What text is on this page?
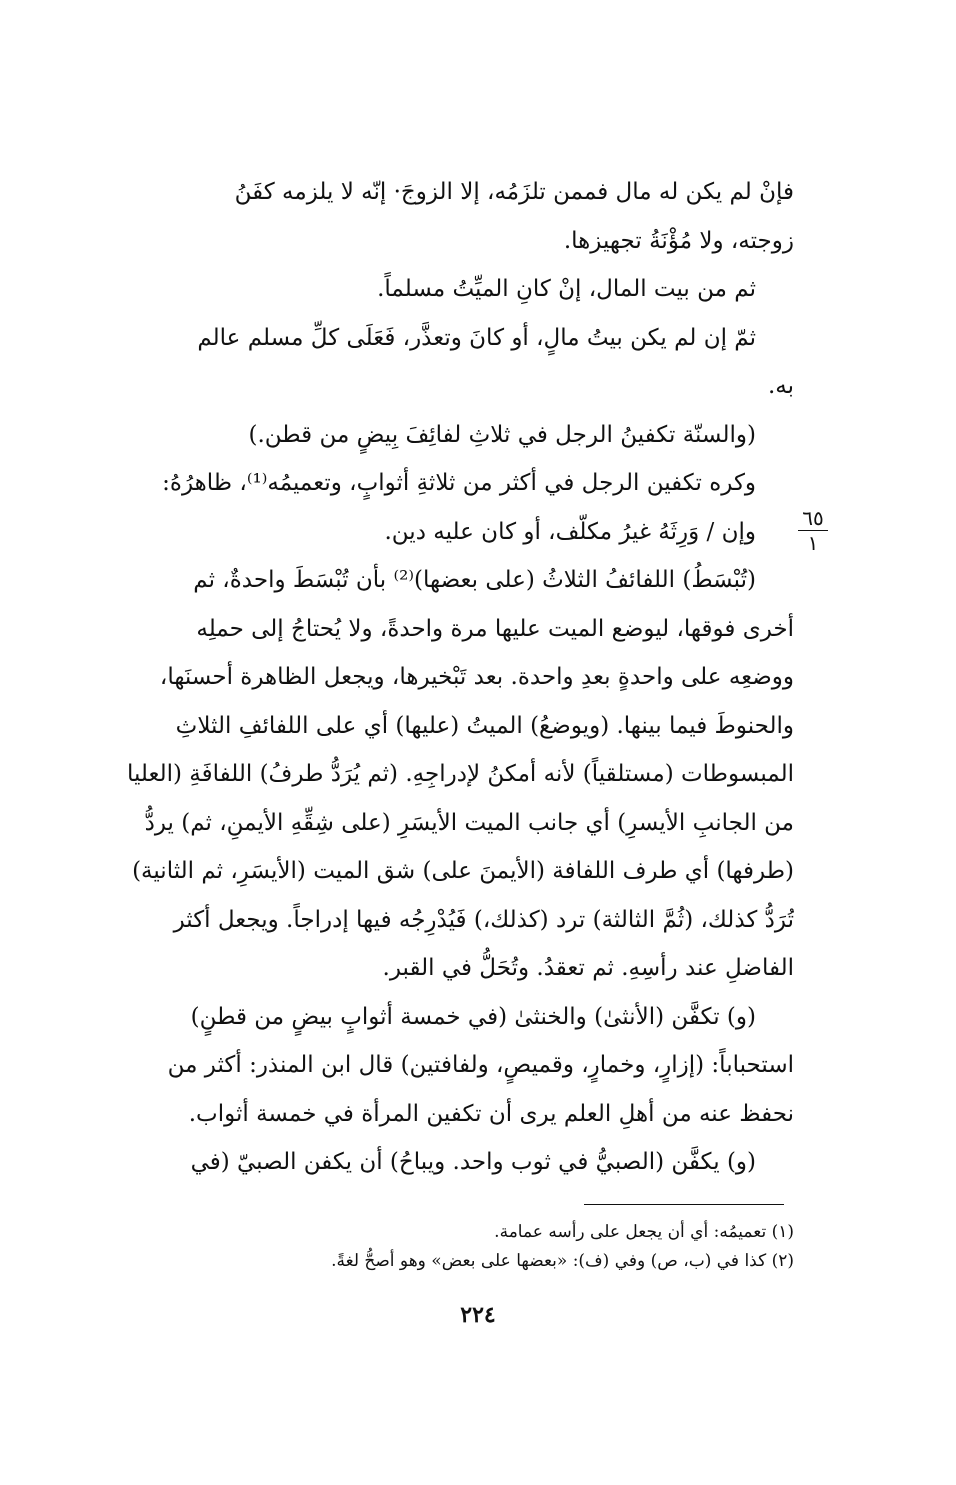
فإنْ لم يكن له مال فممن تلزَمُه، إلا الزوجَ· إنّه لا يلزمه كفَنُ
زوجته، ولا مُؤْنَةُ تجهيزها.
ثم من بيت المال، إنْ كانِ الميِّتُ مسلماً.
ثمّ إن لم يكن بيتُ مالٍ، أو كانَ وتعذَّر، فَعَلَى كلِّ مسلم عالم
به.
(والسنّة تكفينُ الرجل في ثلاثِ لفائِفَ بِيضٍ من قطن.)
وكره تكفين الرجل في أكثر من ثلاثةِ أثوابٍ، وتعميمُه⁽¹⁾، ظاهرُهُ:
وإن / وَرِثَهُ غيرُ مكلّف، أو كان عليه دين.
(تُبْسَطُ) اللفائفُ الثلاثُ (على بعضها)⁽²⁾ بأن تُبْسَطَ واحدةٌ، ثم
أخرى فوقها، ليوضع الميت عليها مرة واحدةً، ولا يُحتاجُ إلى حملِه
ووضعِه على واحدةٍ بعدِ واحدة. بعد تَبْخيرها، ويجعل الظاهرة أحسنَها،
والحنوطَ فيما بينها. (ويوضعُ) الميتُ (عليها) أي على اللفائفِ الثلاثِ
المبسوطات (مستلقياً) لأنه أمكنُ لإدراجِهِ. (ثم يُرَدُّ طرفُ) اللفافَةِ (العليا
من الجانبِ الأيسرِ) أي جانب الميت الأيسَرِ (على شِقِّهِ الأيمنِ، ثم) يردُّ
(طرفها) أي طرف اللفافة (الأيمنَ على) شق الميت (الأيسَرِ، ثم الثانية)
تُرَدُّ كذلك، (ثُمَّ الثالثة) ترد (كذلك،) فَيُدْرِجُه فيها إدراجاً. ويجعل أكثر
الفاضلِ عند رأسِهِ. ثم تعقدُ. وتُحَلُّ في القبر.
(و) تكفَّن (الأنثىٰ) والخنثىٰ (في خمسة أثوابٍ بيضٍ من قطنٍ)
استحباباً: (إزارٍ، وخمارٍ، وقميصٍ، ولفافتين) قال ابن المنذر: أكثر من
نحفظ عنه من أهلِ العلم يرى أن تكفين المرأة في خمسة أثواب.
(و) يكفَّن (الصبيُّ في ثوب واحد. ويباحُ) أن يكفن الصبيّ (في
٦٥
١
(١) تعميمُه: أي أن يجعل على رأسه عمامة.
(٢) كذا في (ب، ص) وفي (ف): «بعضها على بعض» وهو أصحُّ لغةً.
٢٢٤
